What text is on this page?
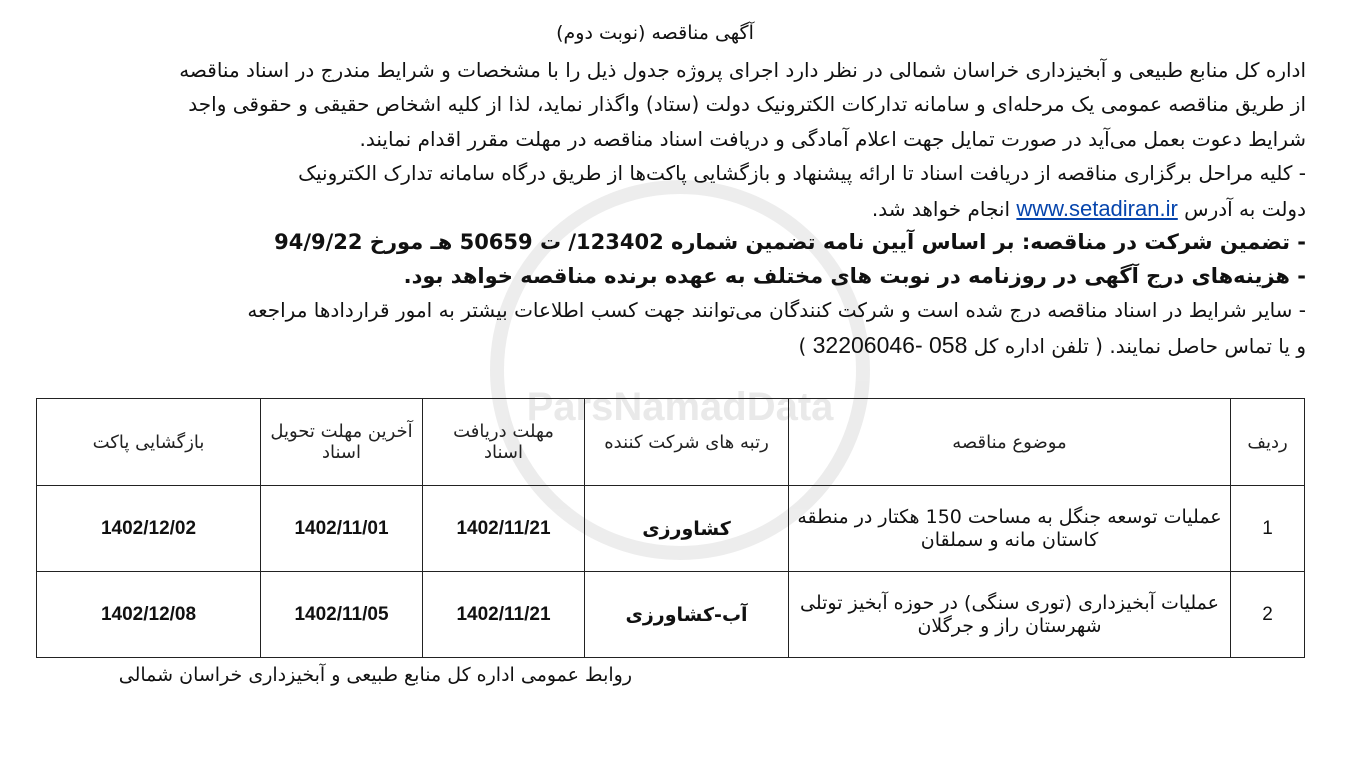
ParsNamadData
آگهی مناقصه (نوبت دوم)
اداره کل منابع طبیعی و آبخیزداری خراسان شمالی در نظر دارد اجرای پروژه جدول ذیل را با مشخصات و شرایط مندرج در اسناد مناقصه
از طریق مناقصه عمومی یک مرحله‌ای و سامانه تدارکات الکترونیک دولت (ستاد) واگذار نماید، لذا از کلیه اشخاص حقیقی و حقوقی واجد
شرایط دعوت بعمل می‌آید در صورت تمایل جهت اعلام آمادگی و دریافت اسناد مناقصه در مهلت مقرر اقدام نمایند.
- کلیه مراحل برگزاری مناقصه از دریافت اسناد تا ارائه پیشنهاد و بازگشایی پاکت‌ها از طریق درگاه سامانه تدارک الکترونیک
دولت به آدرس www.setadiran.ir انجام خواهد شد.
- تضمین شرکت در مناقصه: بر اساس آیین نامه تضمین شماره 123402/ ت 50659 هـ مورخ 94/9/22
- هزینه‌های درج آگهی در روزنامه در نوبت های مختلف به عهده برنده مناقصه خواهد بود.
- سایر شرایط در اسناد مناقصه درج شده است و شرکت کنندگان می‌توانند جهت کسب اطلاعات بیشتر به امور قراردادها مراجعه
و یا تماس حاصل نمایند. ( تلفن اداره کل 32206046- 058 )
ردیف	موضوع مناقصه	رتبه های شرکت کننده	مهلت دریافت اسناد	آخرین مهلت تحویل اسناد	بازگشایی پاکت
1	عملیات توسعه جنگل به مساحت 150 هکتار در منطقه کاستان مانه و سملقان	کشاورزی	1402/11/21	1402/11/01	1402/12/02
2	عملیات آبخیزداری (توری سنگی) در حوزه آبخیز توتلی شهرستان راز و جرگلان	آب-کشاورزی	1402/11/21	1402/11/05	1402/12/08
روابط عمومی اداره کل منابع طبیعی و آبخیزداری خراسان شمالی
